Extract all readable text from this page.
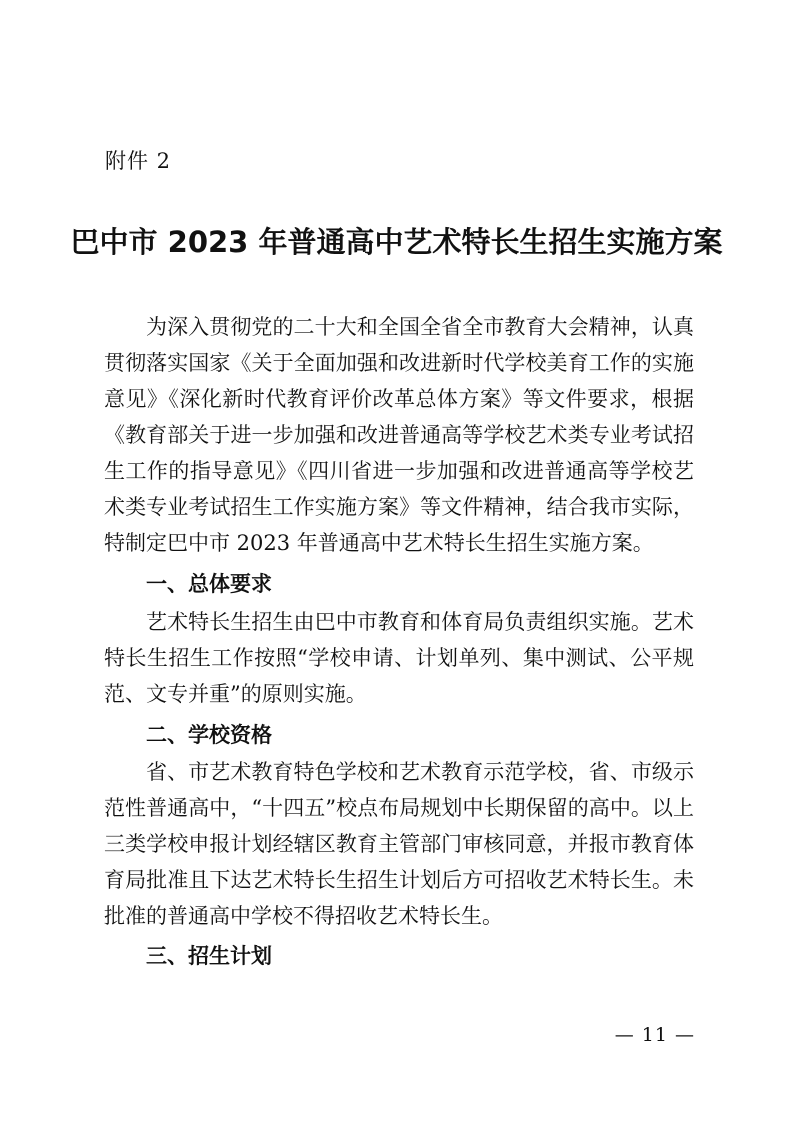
附件 2
巴中市 2023 年普通高中艺术特长生招生实施方案

为深入贯彻党的二十大和全国全省全市教育大会精神，认真贯彻落实国家《关于全面加强和改进新时代学校美育工作的实施意见》《深化新时代教育评价改革总体方案》等文件要求，根据《教育部关于进一步加强和改进普通高等学校艺术类专业考试招生工作的指导意见》《四川省进一步加强和改进普通高等学校艺术类专业考试招生工作实施方案》等文件精神，结合我市实际，特制定巴中市 2023 年普通高中艺术特长生招生实施方案。

一、总体要求

艺术特长生招生由巴中市教育和体育局负责组织实施。艺术特长生招生工作按照“学校申请、计划单列、集中测试、公平规范、文专并重”的原则实施。

二、学校资格

省、市艺术教育特色学校和艺术教育示范学校，省、市级示范性普通高中，“十四五”校点布局规划中长期保留的高中。以上三类学校申报计划经辖区教育主管部门审核同意，并报市教育体育局批准且下达艺术特长生招生计划后方可招收艺术特长生。未批准的普通高中学校不得招收艺术特长生。

三、招生计划
— 11 —
